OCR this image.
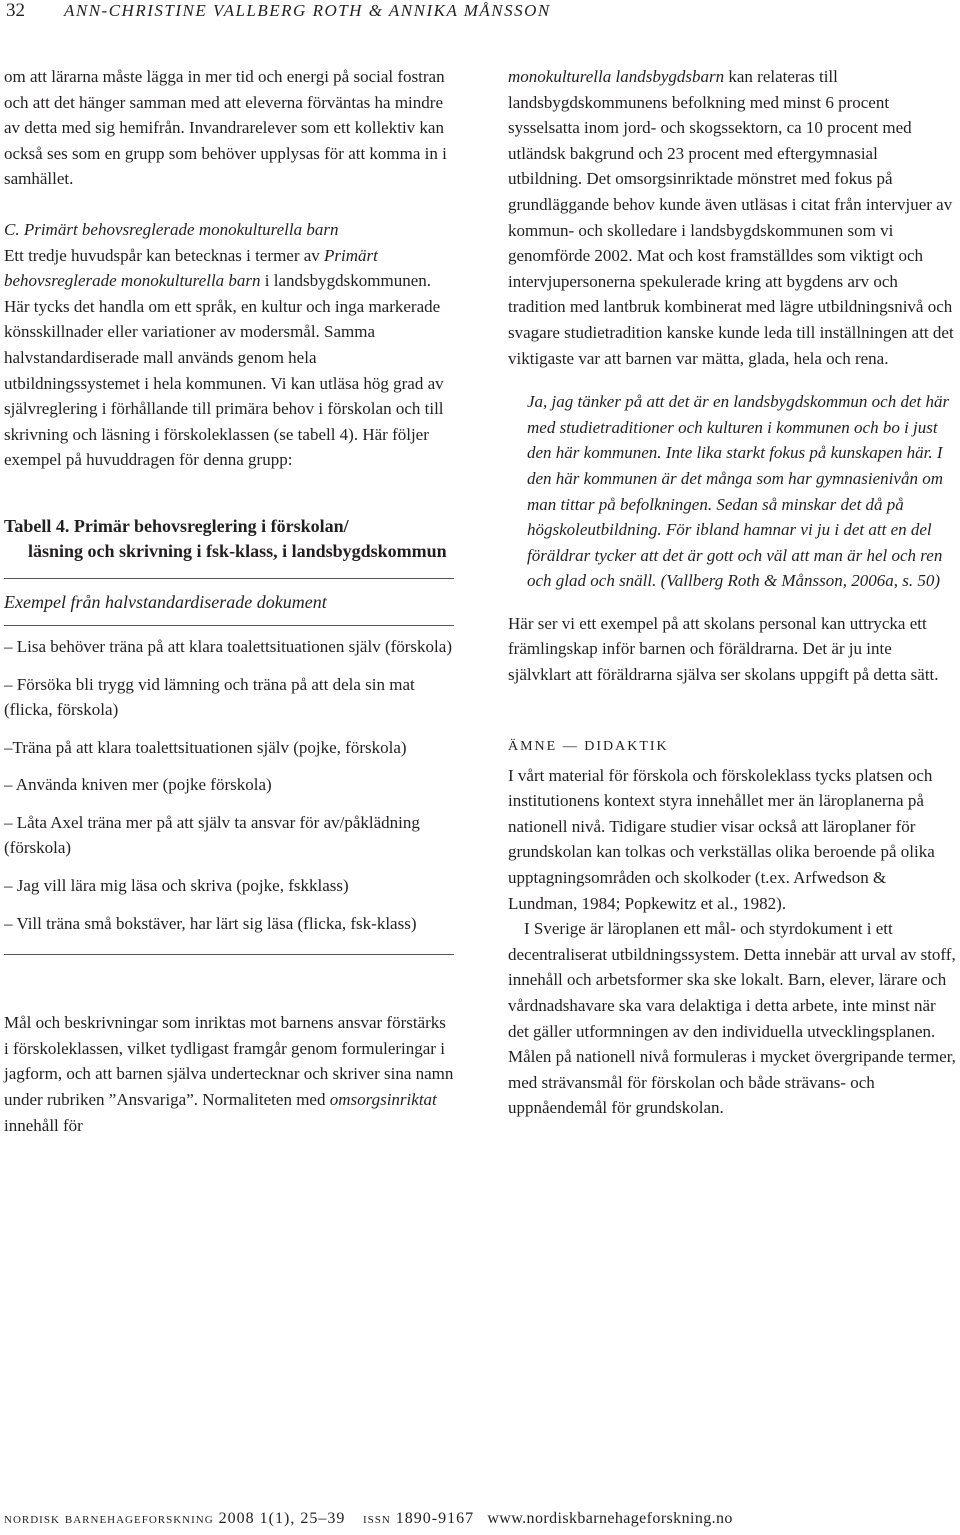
32 ANN-CHRISTINE VALLBERG ROTH & ANNIKA MÅNSSON

om att lärarna måste lägga in mer tid och energi på social fostran och att det hänger samman med att eleverna förväntas ha mindre av detta med sig hemifrån. Invandrarelever som ett kollektiv kan också ses som en grupp som behöver upplysas för att komma in i samhället.

C. Primärt behovsreglerade monokulturella barn

Ett tredje huvudspår kan betecknas i termer av Primärt behovsreglerade monokulturella barn i landsbygdskommunen. Här tycks det handla om ett språk, en kultur och inga markerade könsskillnader eller variationer av modersmål. Samma halvstandardiserade mall används genom hela utbildningssystemet i hela kommunen. Vi kan utläsa hög grad av självreglering i förhållande till primära behov i förskolan och till skrivning och läsning i förskoleklassen (se tabell 4). Här följer exempel på huvuddragen för denna grupp:

Tabell 4. Primär behovsreglering i förskolan/
läsning och skrivning i fsk-klass, i landsbygdskommun
Exempel från halvstandardiserade dokument

– Lisa behöver träna på att klara toalettsituationen själv (förskola)

– Försöka bli trygg vid lämning och träna på att dela sin mat (flicka, förskola)

–Träna på att klara toalettsituationen själv (pojke, förskola)

– Använda kniven mer (pojke förskola)

– Låta Axel träna mer på att själv ta ansvar för av/påklädning (förskola)

– Jag vill lära mig läsa och skriva (pojke, fskklass)

– Vill träna små bokstäver, har lärt sig läsa (flicka, fsk-klass)

Mål och beskrivningar som inriktas mot barnens ansvar förstärks i förskoleklassen, vilket tydligast framgår genom formuleringar i jagform, och att barnen själva undertecknar och skriver sina namn under rubriken ”Ansvariga”. Normaliteten med omsorgsinriktat innehåll för

monokulturella landsbygdsbarn kan relateras till landsbygdskommunens befolkning med minst 6 procent sysselsatta inom jord- och skogssektorn, ca 10 procent med utländsk bakgrund och 23 procent med eftergymnasial utbildning. Det omsorgsinriktade mönstret med fokus på grundläggande behov kunde även utläsas i citat från intervjuer av kommun- och skolledare i landsbygdskommunen som vi genomförde 2002. Mat och kost framställdes som viktigt och intervjupersonerna spekulerade kring att bygdens arv och tradition med lantbruk kombinerat med lägre utbildningsnivå och svagare studietradition kanske kunde leda till inställningen att det viktigaste var att barnen var mätta, glada, hela och rena.

Ja, jag tänker på att det är en landsbygdskommun och det här med studietraditioner och kulturen i kommunen och bo i just den här kommunen. Inte lika starkt fokus på kunskapen här. I den här kommunen är det många som har gymnasienivån om man tittar på befolkningen. Sedan så minskar det då på högskoleutbildning. För ibland hamnar vi ju i det att en del föräldrar tycker att det är gott och väl att man är hel och ren och glad och snäll. (Vallberg Roth & Månsson, 2006a, s. 50)

Här ser vi ett exempel på att skolans personal kan uttrycka ett främlingskap inför barnen och föräldrarna. Det är ju inte självklart att föräldrarna själva ser skolans uppgift på detta sätt.

ÄMNE — DIDAKTIK

I vårt material för förskola och förskoleklass tycks platsen och institutionens kontext styra innehållet mer än läroplanerna på nationell nivå. Tidigare studier visar också att läroplaner för grundskolan kan tolkas och verkställas olika beroende på olika upptagningsområden och skolkoder (t.ex. Arfwedson & Lundman, 1984; Popkewitz et al., 1982).

I Sverige är läroplanen ett mål- och styrdokument i ett decentraliserat utbildningssystem. Detta innebär att urval av stoff, innehåll och arbetsformer ska ske lokalt. Barn, elever, lärare och vårdnadshavare ska vara delaktiga i detta arbete, inte minst när det gäller utformningen av den individuella utvecklingsplanen. Målen på nationell nivå formuleras i mycket övergripande termer, med strävansmål för förskolan och både strävans- och uppnåendemål för grundskolan.

nordisk barnehageforskning 2008 1(1), 25–39 issn 1890-9167 www.nordiskbarnehageforskning.no
